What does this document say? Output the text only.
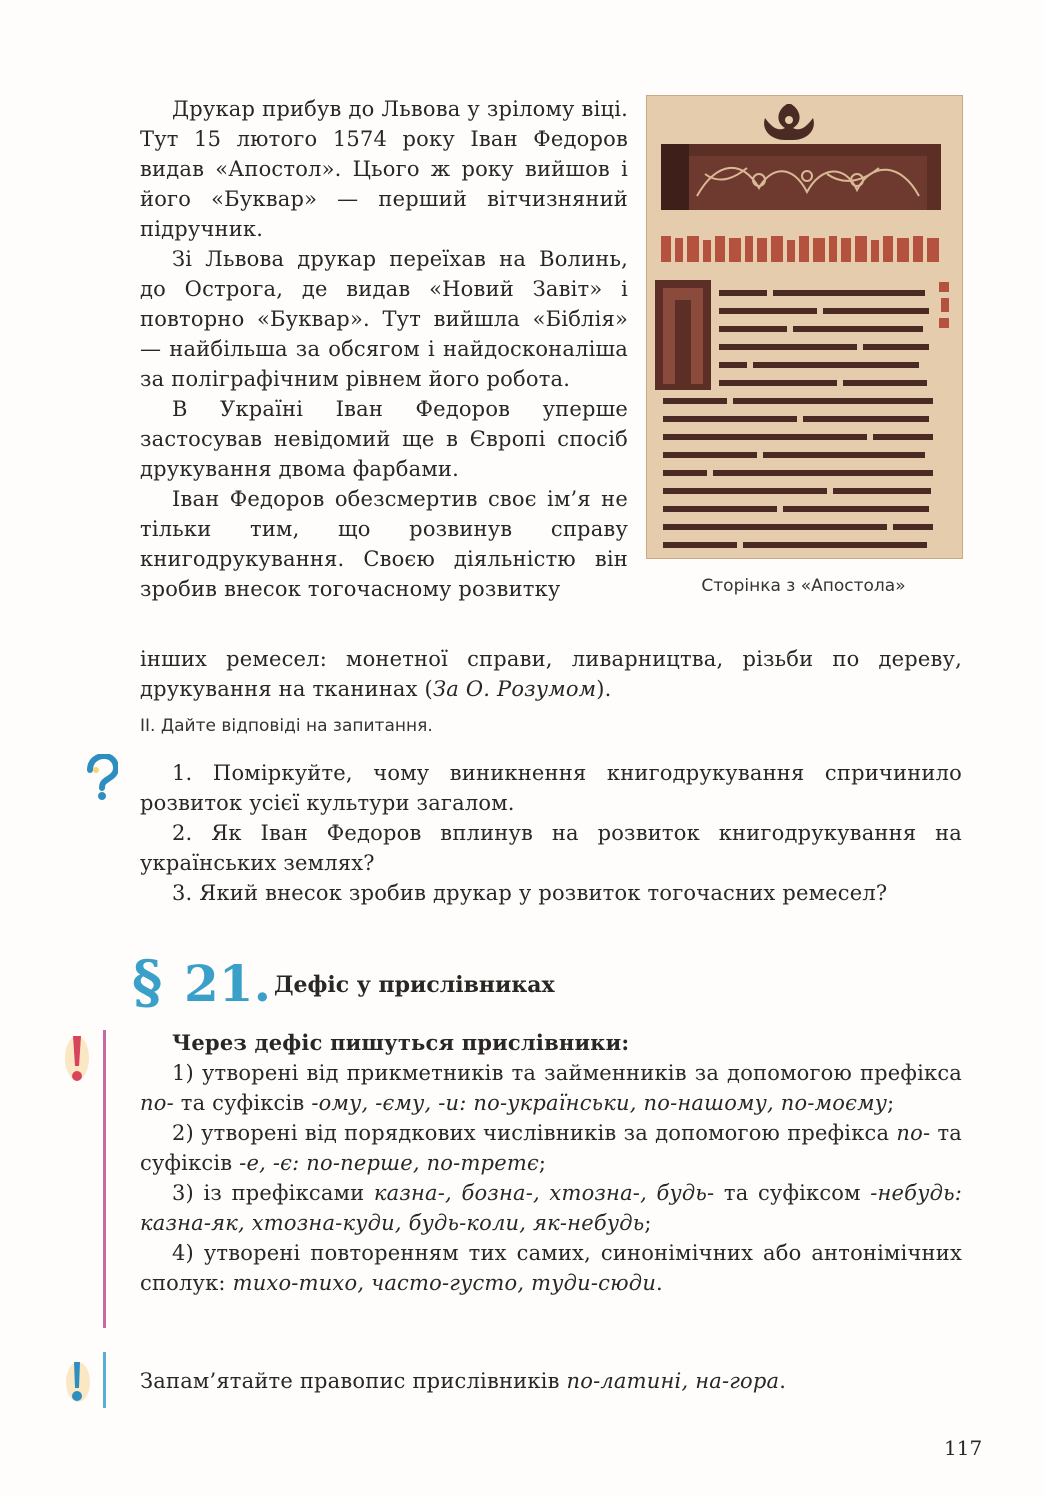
Друкар прибув до Львова у зрілому віці. Тут 15 лютого 1574 року Іван Федоров видав «Апостол». Цього ж року вийшов і його «Буквар» — перший вітчизняний підручник.

Зі Львова друкар переїхав на Волинь, до Острога, де видав «Новий Завіт» і повторно «Буквар». Тут вийшла «Біблія» — найбільша за обсягом і найдосконаліша за поліграфічним рівнем його робота.

В Україні Іван Федоров уперше застосував невідомий ще в Європі спосіб друкування двома фарбами.

Іван Федоров обезсмертив своє ім’я не тільки тим, що розвинув справу книгодрукування. Своєю діяльністю він зробив внесок тогочасному розвитку	Сторінка з «Апостола»
інших ремесел: монетної справи, ливарництва, різьби по дереву, друкування на тканинах (За О. Розумом).
ІІ. Дайте відповіді на запитання.

1. Поміркуйте, чому виникнення книгодрукування спричинило розвиток усієї культури загалом.

2. Як Іван Федоров вплинув на розвиток книгодрукування на українських землях?

3. Який внесок зробив друкар у розвиток тогочасних ремесел?

§ 21. Дефіс у прислівниках

Через дефіс пишуться прислівники:

1) утворені від прикметників та займенників за допомогою префікса по- та суфіксів -ому, -єму, -и: по-українськи, по-нашому, по-моєму;

2) утворені від порядкових числівників за допомогою префікса по- та суфіксів -е, -є: по-перше, по-третє;

3) із префіксами казна-, бозна-, хтозна-, будь- та суфіксом -небудь: казна-як, хтозна-куди, будь-коли, як-небудь;

4) утворені повторенням тих самих, синонімічних або антонімічних сполук: тихо-тихо, часто-густо, туди-сюди.

Запам’ятайте правопис прислівників по-латині, на-гора.
117
